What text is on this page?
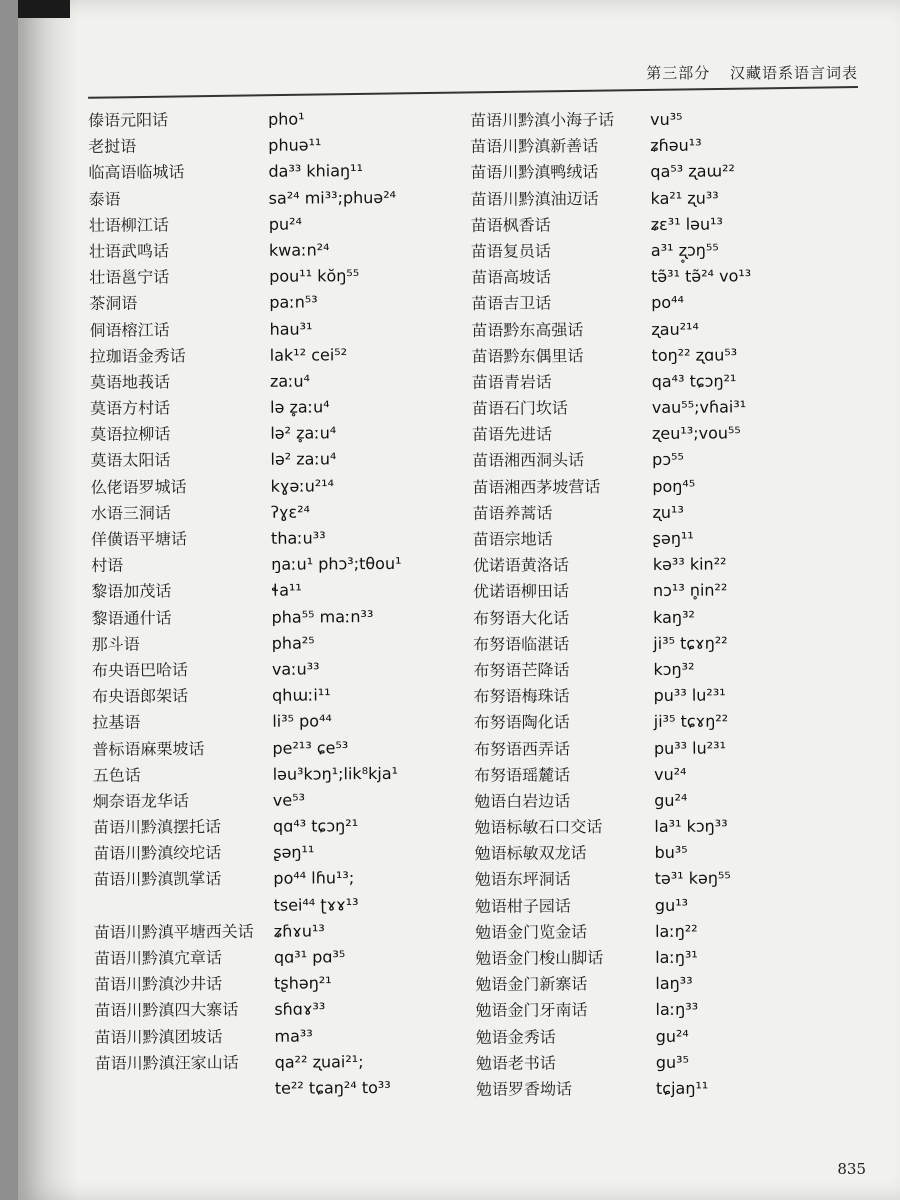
第三部分 汉藏语系语言词表
傣语元阳话	pho¹
老挝语	phuə¹¹
临高语临城话	da³³ khiaŋ¹¹
泰语	sa²⁴ mi³³;phuə²⁴
壮语柳江话	pu²⁴
壮语武鸣话	kwaːn²⁴
壮语邕宁话	pou¹¹ kŏŋ⁵⁵
茶洞语	paːn⁵³
侗语榕江话	hau³¹
拉珈语金秀话	lak¹² cei⁵²
莫语地莪话	zaːu⁴
莫语方村话	lə z̥aːu⁴
莫语拉柳话	lə² z̥aːu⁴
莫语太阳话	lə² zaːu⁴
仫佬语罗城话	kɣəːu²¹⁴
水语三洞话	ʔɣɛ²⁴
佯僙语平塘话	thaːu³³
村语	ŋaːu¹ phɔ³;tθou¹
黎语加茂话	ɬa¹¹
黎语通什话	pha⁵⁵ maːn³³
那斗语	pha²⁵
布央语巴哈话	vaːu³³
布央语郎架话	qhɯːi¹¹
拉基语	li³⁵ po⁴⁴
普标语麻栗坡话	pe²¹³ ɕe⁵³
五色话	ləu³kɔŋ¹;lik⁸kja¹
炯奈语龙华话	ve⁵³
苗语川黔滇摆托话	qɑ⁴³ tɕɔŋ²¹
苗语川黔滇绞坨话	ʂəŋ¹¹
苗语川黔滇凯掌话	po⁴⁴ lɦu¹³;
tsei⁴⁴ ʈɤɤ¹³
苗语川黔滇平塘西关话 ʑɦɤu¹³
苗语川黔滇宂章话	qɑ³¹ pɑ³⁵
苗语川黔滇沙井话	tʂhəŋ²¹
苗语川黔滇四大寨话 sɦɑɤ³³
苗语川黔滇团坡话	ma³³
苗语川黔滇汪家山话 qa²² ʐuai²¹;
te²² tɕaŋ²⁴ to³³
苗语川黔滇小海子话 vu³⁵
苗语川黔滇新善话	ʑɦəu¹³
苗语川黔滇鸭绒话	qa⁵³ ʐaɯ²²
苗语川黔滇油迈话	ka²¹ ʐu³³
苗语枫香话	ʑɛ³¹ ləu¹³
苗语复员话	a³¹ ʐ̥ɔŋ⁵⁵
苗语高坡话	tə̃³¹ tə̃²⁴ vo¹³
苗语吉卫话	po⁴⁴
苗语黔东高强话	ʐau²¹⁴
苗语黔东偶里话	toŋ²² ʐɑu⁵³
苗语青岩话	qa⁴³ tɕɔŋ²¹
苗语石门坎话	vau⁵⁵;vɦai³¹
苗语先进话	ʐeu¹³;vou⁵⁵
苗语湘西洞头话	pɔ⁵⁵
苗语湘西茅坡营话	poŋ⁴⁵
苗语养蒿话	ʐu¹³
苗语宗地话	ʂəŋ¹¹
优诺语黄洛话	kə³³ kin²²
优诺语柳田话	nɔ¹³ n̥in²²
布努语大化话	kaŋ³²
布努语临湛话	ji³⁵ tɕɤŋ²²
布努语芒降话	kɔŋ³²
布努语梅珠话	pu³³ lu²³¹
布努语陶化话	ji³⁵ tɕɤŋ²²
布努语西弄话	pu³³ lu²³¹
布努语瑶麓话	vu²⁴
勉语白岩边话	gu²⁴
勉语标敏石口交话	la³¹ kɔŋ³³
勉语标敏双龙话	bu³⁵
勉语东坪洞话	tə³¹ kəŋ⁵⁵
勉语柑子园话	gu¹³
勉语金门览金话	laːŋ²²
勉语金门梭山脚话	laːŋ³¹
勉语金门新寨话	laŋ³³
勉语金门牙南话	laːŋ³³
勉语金秀话	gu²⁴
勉语老书话	gu³⁵
勉语罗香坳话	tɕjaŋ¹¹
835
